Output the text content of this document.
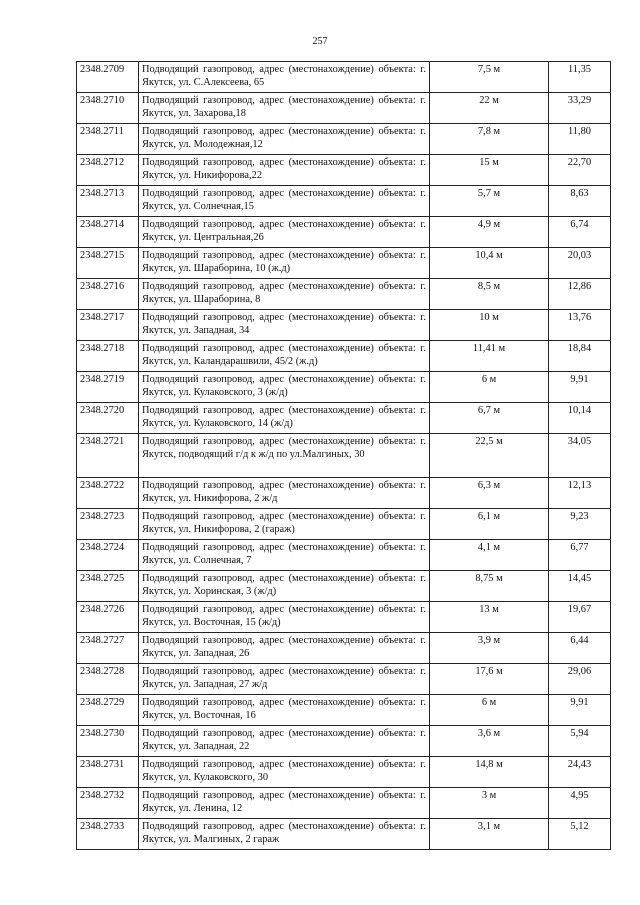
257
2348.2709	Подводящий газопровод, адрес (местонахождение) объекта: г. Якутск, ул. С.Алексеева, 65	7,5 м	11,35
2348.2710	Подводящий газопровод, адрес (местонахождение) объекта: г. Якутск, ул. Захарова,18	22 м	33,29
2348.2711	Подводящий газопровод, адрес (местонахождение) объекта: г. Якутск, ул. Молодежная,12	7,8 м	11,80
2348.2712	Подводящий газопровод, адрес (местонахождение) объекта: г. Якутск, ул. Никифорова,22	15 м	22,70
2348.2713	Подводящий газопровод, адрес (местонахождение) объекта: г. Якутск, ул. Солнечная,15	5,7 м	8,63
2348.2714	Подводящий газопровод, адрес (местонахождение) объекта: г. Якутск, ул. Центральная,26	4,9 м	6,74
2348.2715	Подводящий газопровод, адрес (местонахождение) объекта: г. Якутск, ул. Шараборина, 10 (ж.д)	10,4 м	20,03
2348.2716	Подводящий газопровод, адрес (местонахождение) объекта: г. Якутск, ул. Шараборина, 8	8,5 м	12,86
2348.2717	Подводящий газопровод, адрес (местонахождение) объекта: г. Якутск, ул. Западная, 34	10 м	13,76
2348.2718	Подводящий газопровод, адрес (местонахождение) объекта: г. Якутск, ул. Каландарашвили, 45/2 (ж.д)	11,41 м	18,84
2348.2719	Подводящий газопровод, адрес (местонахождение) объекта: г. Якутск, ул. Кулаковского, 3 (ж/д)	6 м	9,91
2348.2720	Подводящий газопровод, адрес (местонахождение) объекта: г. Якутск, ул. Кулаковского, 14 (ж/д)	6,7 м	10,14
2348.2721	Подводящий газопровод, адрес (местонахождение) объекта: г. Якутск, подводящий г/д к ж/д по ул.Малгиных, 30	22,5 м	34,05
2348.2722	Подводящий газопровод, адрес (местонахождение) объекта: г. Якутск, ул. Никифорова, 2 ж/д	6,3 м	12,13
2348.2723	Подводящий газопровод, адрес (местонахождение) объекта: г. Якутск, ул. Никифорова, 2 (гараж)	6,1 м	9,23
2348.2724	Подводящий газопровод, адрес (местонахождение) объекта: г. Якутск, ул. Солнечная, 7	4,1 м	6,77
2348.2725	Подводящий газопровод, адрес (местонахождение) объекта: г. Якутск, ул. Хоринская, 3 (ж/д)	8,75 м	14,45
2348.2726	Подводящий газопровод, адрес (местонахождение) объекта: г. Якутск, ул. Восточная, 15 (ж/д)	13 м	19,67
2348.2727	Подводящий газопровод, адрес (местонахождение) объекта: г. Якутск, ул. Западная, 26	3,9 м	6,44
2348.2728	Подводящий газопровод, адрес (местонахождение) объекта: г. Якутск, ул. Западная, 27 ж/д	17,6 м	29,06
2348.2729	Подводящий газопровод, адрес (местонахождение) объекта: г. Якутск, ул. Восточная, 16	6 м	9,91
2348.2730	Подводящий газопровод, адрес (местонахождение) объекта: г. Якутск, ул. Западная, 22	3,6 м	5,94
2348.2731	Подводящий газопровод, адрес (местонахождение) объекта: г. Якутск, ул. Кулаковского, 30	14,8 м	24,43
2348.2732	Подводящий газопровод, адрес (местонахождение) объекта: г. Якутск, ул. Ленина, 12	3 м	4,95
2348.2733	Подводящий газопровод, адрес (местонахождение) объекта: г. Якутск, ул. Малгиных, 2 гараж	3,1 м	5,12
